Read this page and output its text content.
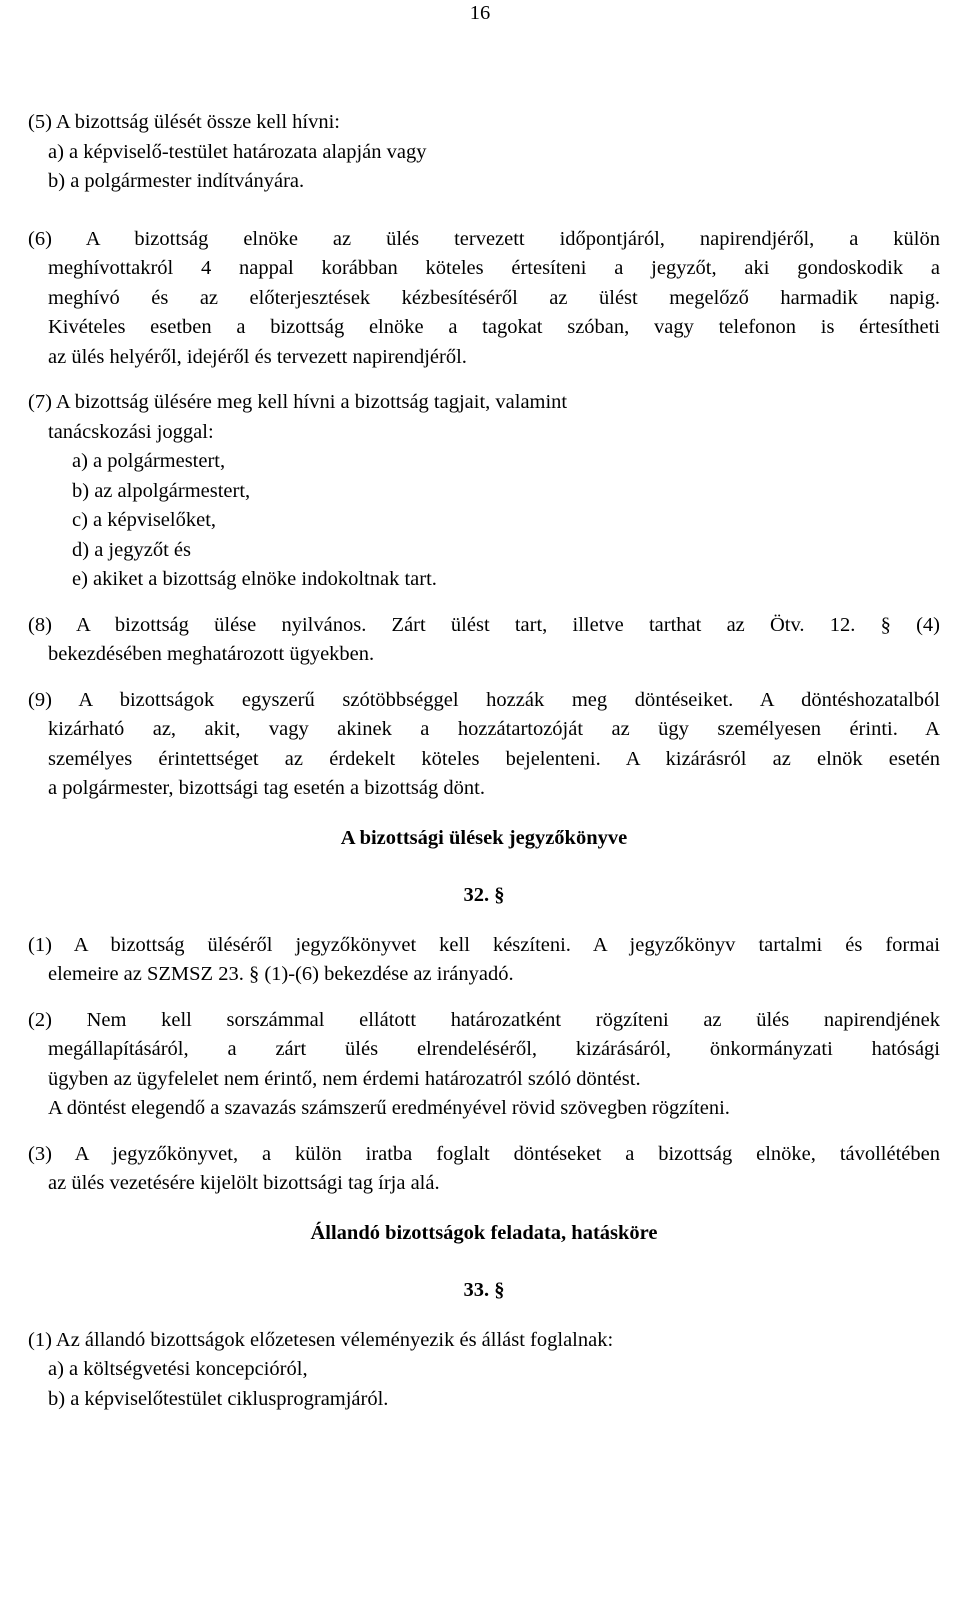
16
(5) A bizottság ülését össze kell hívni:
a) a képviselő-testület határozata alapján vagy
b) a polgármester indítványára.
(6) A bizottság elnöke az ülés tervezett időpontjáról, napirendjéről, a külön
meghívottakról 4 nappal korábban köteles értesíteni a jegyzőt, aki gondoskodik a
meghívó és az előterjesztések kézbesítéséről az ülést megelőző harmadik napig.
Kivételes esetben a bizottság elnöke a tagokat szóban, vagy telefonon is értesítheti
az ülés helyéről, idejéről és tervezett napirendjéről.
(7) A bizottság ülésére meg kell hívni a bizottság tagjait, valamint
tanácskozási joggal:
a) a polgármestert,
b) az alpolgármestert,
c) a képviselőket,
d) a jegyzőt és
e) akiket a bizottság elnöke indokoltnak tart.
(8) A bizottság ülése nyilvános. Zárt ülést tart, illetve tarthat az Ötv. 12. § (4)
bekezdésében meghatározott ügyekben.
(9) A bizottságok egyszerű szótöbbséggel hozzák meg döntéseiket. A döntéshozatalból
kizárható az, akit, vagy akinek a hozzátartozóját az ügy személyesen érinti. A
személyes érintettséget az érdekelt köteles bejelenteni. A kizárásról az elnök esetén
a polgármester, bizottsági tag esetén a bizottság dönt.
A bizottsági ülések jegyzőkönyve
32. §
(1) A bizottság üléséről jegyzőkönyvet kell készíteni. A jegyzőkönyv tartalmi és formai
elemeire az SZMSZ 23. § (1)-(6) bekezdése az irányadó.
(2) Nem kell sorszámmal ellátott határozatként rögzíteni az ülés napirendjének
megállapításáról, a zárt ülés elrendeléséről, kizárásáról, önkormányzati hatósági
ügyben az ügyfelelet nem érintő, nem érdemi határozatról szóló döntést.
A döntést elegendő a szavazás számszerű eredményével rövid szövegben rögzíteni.
(3) A jegyzőkönyvet, a külön iratba foglalt döntéseket a bizottság elnöke, távollétében
az ülés vezetésére kijelölt bizottsági tag írja alá.
Állandó bizottságok feladata, hatásköre
33. §
(1) Az állandó bizottságok előzetesen véleményezik és állást foglalnak:
a) a költségvetési koncepcióról,
b) a képviselőtestület ciklusprogramjáról.
